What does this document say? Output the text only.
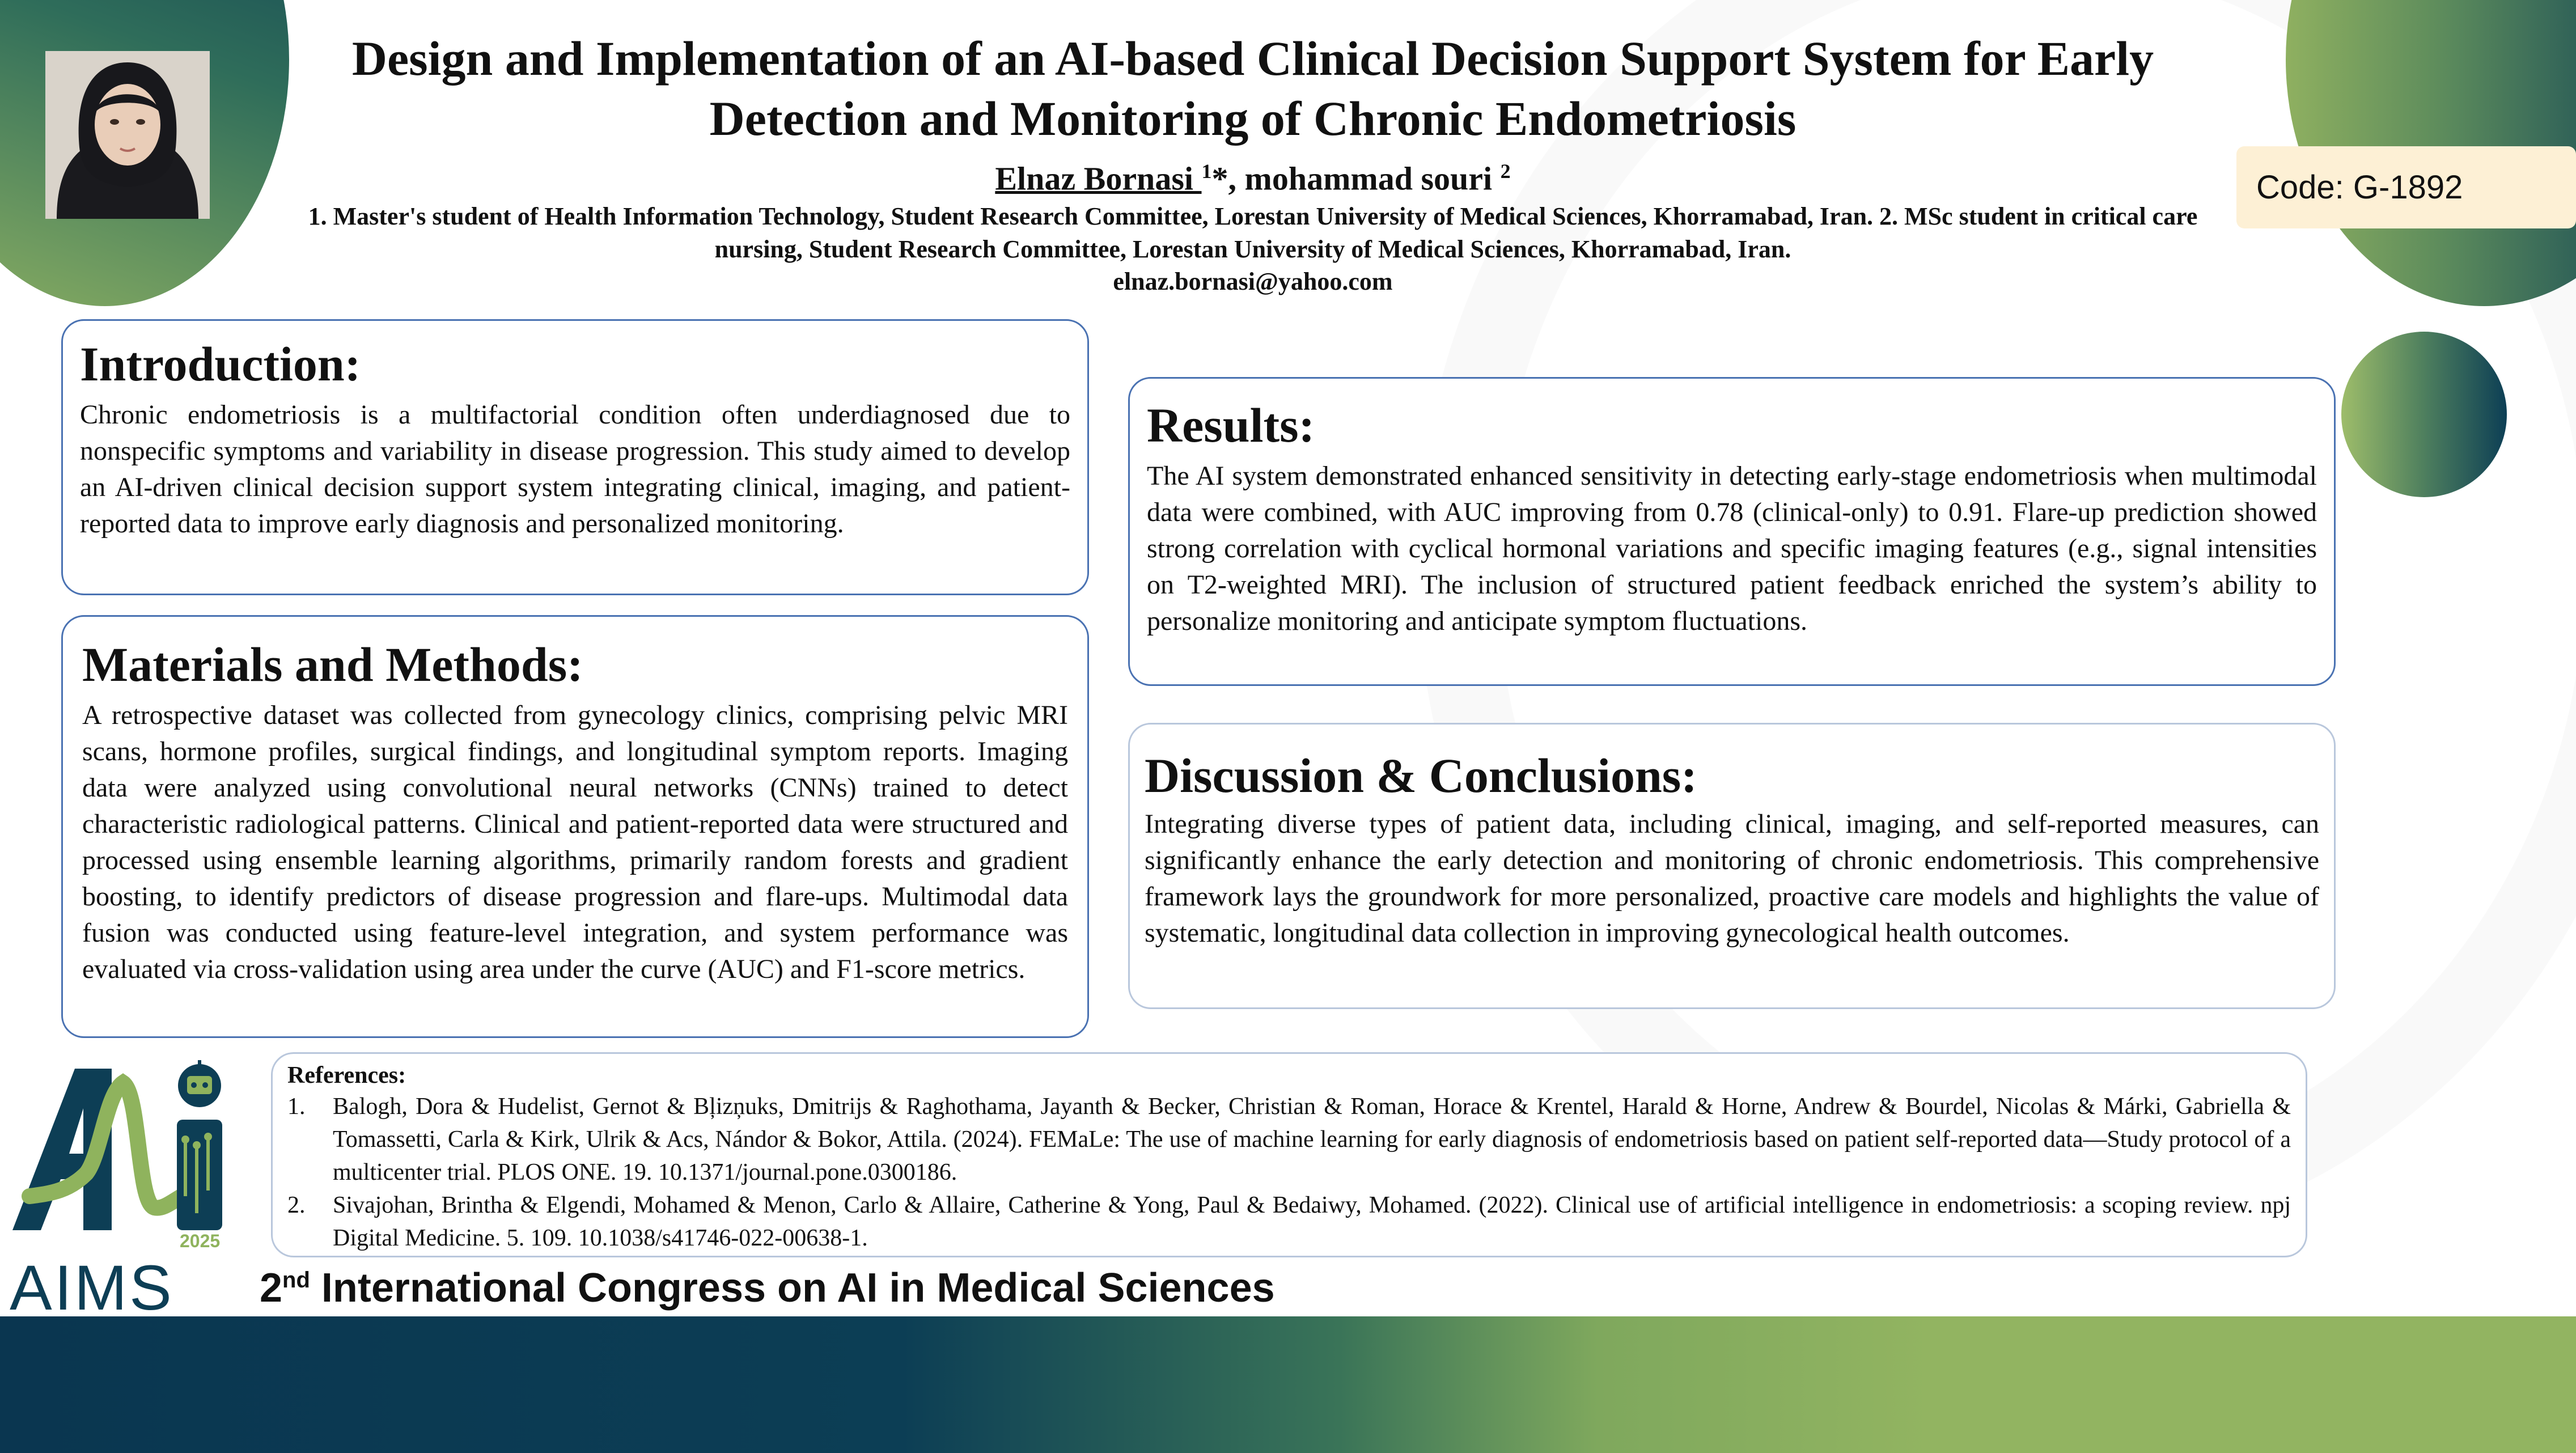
Design and Implementation of an AI-based Clinical Decision Support System for Early Detection and Monitoring of Chronic Endometriosis
Elnaz Bornasi $^1$*, mohammad souri $^2$
1. Master's student of Health Information Technology, Student Research Committee, Lorestan University of Medical Sciences, Khorramabad, Iran. 2. MSc student in critical care nursing, Student Research Committee, Lorestan University of Medical Sciences, Khorramabad, Iran.
elnaz.bornasi@yahoo.com
Code: G-1892
Introduction:

Chronic endometriosis is a multifactorial condition often underdiagnosed due to nonspecific symptoms and variability in disease progression. This study aimed to develop an AI-driven clinical decision support system integrating clinical, imaging, and patient-reported data to improve early diagnosis and personalized monitoring.

Materials and Methods:

A retrospective dataset was collected from gynecology clinics, comprising pelvic MRI scans, hormone profiles, surgical findings, and longitudinal symptom reports. Imaging data were analyzed using convolutional neural networks (CNNs) trained to detect characteristic radiological patterns. Clinical and patient-reported data were structured and processed using ensemble learning algorithms, primarily random forests and gradient boosting, to identify predictors of disease progression and flare-ups. Multimodal data fusion was conducted using feature-level integration, and system performance was evaluated via cross-validation using area under the curve (AUC) and F1-score metrics.

Results:

The AI system demonstrated enhanced sensitivity in detecting early-stage endometriosis when multimodal data were combined, with AUC improving from 0.78 (clinical-only) to 0.91. Flare-up prediction showed strong correlation with cyclical hormonal variations and specific imaging features (e.g., signal intensities on T2-weighted MRI). The inclusion of structured patient feedback enriched the system’s ability to personalize monitoring and anticipate symptom fluctuations.

Discussion & Conclusions:

Integrating diverse types of patient data, including clinical, imaging, and self-reported measures, can significantly enhance the early detection and monitoring of chronic endometriosis. This comprehensive framework lays the groundwork for more personalized, proactive care models and highlights the value of systematic, longitudinal data collection in improving gynecological health outcomes.

References:
1.	Balogh, Dora & Hudelist, Gernot & Bļizņuks, Dmitrijs & Raghothama, Jayanth & Becker, Christian & Roman, Horace & Krentel, Harald & Horne, Andrew & Bourdel, Nicolas & Márki, Gabriella & Tomassetti, Carla & Kirk, Ulrik & Acs, Nándor & Bokor, Attila. (2024). FEMaLe: The use of machine learning for early diagnosis of endometriosis based on patient self-reported data—Study protocol of a multicenter trial. PLOS ONE. 19. 10.1371/journal.pone.0300186.
2.	Sivajohan, Brintha & Elgendi, Mohamed & Menon, Carlo & Allaire, Catherine & Yong, Paul & Bedaiwy, Mohamed. (2022). Clinical use of artificial intelligence in endometriosis: a scoping review. npj Digital Medicine. 5. 109. 10.1038/s41746-022-00638-1.
2025
AIMS 2nd International Congress on AI in Medical Sciences
